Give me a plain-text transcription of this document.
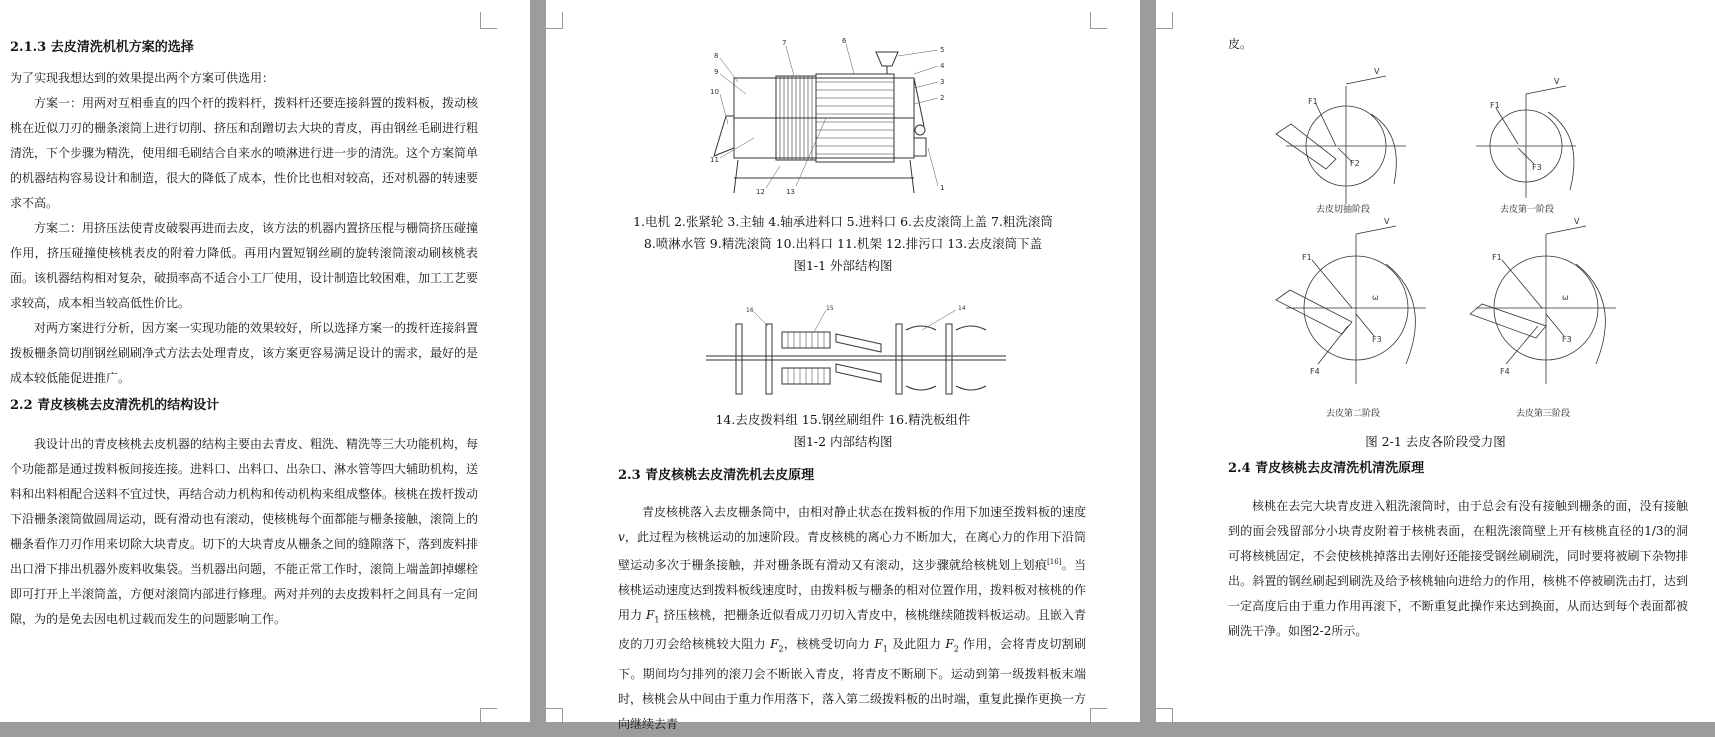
2.1.3 去皮清洗机机方案的选择

为了实现我想达到的效果提出两个方案可供选用：

方案一：用两对互相垂直的四个杆的拨料杆，拨料杆还要连接斜置的拨料板，拨动核桃在近似刀刃的栅条滚筒上进行切削、挤压和刮蹭切去大块的青皮，再由钢丝毛刷进行粗清洗，下个步骤为精洗，使用细毛刷结合自来水的喷淋进行进一步的清洗。这个方案简单的机器结构容易设计和制造，很大的降低了成本，性价比也相对较高，还对机器的转速要求不高。

方案二：用挤压法使青皮破裂再进而去皮，该方法的机器内置挤压棍与栅筒挤压碰撞作用，挤压碰撞使核桃表皮的附着力降低。再用内置短钢丝刷的旋转滚筒滚动刷核桃表面。该机器结构相对复杂，破损率高不适合小工厂使用，设计制造比较困难，加工工艺要求较高，成本相当较高低性价比。

对两方案进行分析，因方案一实现功能的效果较好，所以选择方案一的拨杆连接斜置拨板栅条筒切削钢丝刷刷净式方法去处理青皮，该方案更容易满足设计的需求，最好的是成本较低能促进推广。

2.2 青皮核桃去皮清洗机的结构设计

我设计出的青皮核桃去皮机器的结构主要由去青皮、粗洗、精洗等三大功能机构，每个功能都是通过拨料板间接连接。进料口、出料口、出杂口、淋水管等四大辅助机构，送料和出料相配合送料不宜过快，再结合动力机构和传动机构来组成整体。核桃在拨杆拨动下沿栅条滚筒做圆周运动，既有滑动也有滚动，使核桃每个面都能与栅条接触，滚筒上的栅条看作刀刃作用来切除大块青皮。切下的大块青皮从栅条之间的缝隙落下，落到废料排出口滑下排出机器外废料收集袋。当机器出问题，不能正常工作时，滚筒上端盖卸掉螺栓即可打开上半滚筒盖，方便对滚筒内部进行修理。两对并列的去皮拨料杆之间具有一定间隙，为的是免去因电机过载而发生的问题影响工作。

7	6
5
4
3
2
1
8
9
10
11
12	13
1.电机 2.张紧轮 3.主轴 4.轴承进料口 5.进料口 6.去皮滚筒上盖 7.粗洗滚筒
8.喷淋水管 9.精洗滚筒 10.出料口 11.机架 12.排污口 13.去皮滚筒下盖
图1-1 外部结构图
16	15	14
14.去皮拨料组 15.钢丝刷组件 16.精洗板组件
图1-2 内部结构图
2.3 青皮核桃去皮清洗机去皮原理

青皮核桃落入去皮栅条筒中，由相对静止状态在拨料板的作用下加速至拨料板的速度 v，此过程为核桃运动的加速阶段。青皮核桃的离心力不断加大，在离心力的作用下沿筒壁运动多次于栅条接触，并对栅条既有滑动又有滚动，这步骤就给核桃划上划痕[16]。当核桃运动速度达到拨料板线速度时，由拨料板与栅条的相对位置作用，拨料板对核桃的作用力 $F_1$ 挤压核桃，把栅条近似看成刀刃切入青皮中，核桃继续随拨料板运动。且嵌入青皮的刀刃会给核桃较大阻力 $F_2$，核桃受切向力 $F_1$ 及此阻力 $F_2$ 作用，会将青皮切割刷下。期间均匀排列的滚刀会不断嵌入青皮，将青皮不断刷下。运动到第一级拨料板末端时，核桃会从中间由于重力作用落下，落入第二级拨料板的出时端，重复此操作更换一方向继续去青

皮。

V
F1
F2
V
F1
F3
V
F1
F3
F4
ω
V
F1
F3
F4
ω
去皮切抽阶段	去皮第一阶段
去皮第二阶段	去皮第三阶段
图 2-1 去皮各阶段受力图
2.4 青皮核桃去皮清洗机清洗原理

核桃在去完大块青皮进入粗洗滚筒时，由于总会有没有接触到栅条的面，没有接触到的面会残留部分小块青皮附着于核桃表面，在粗洗滚筒壁上开有核桃直径的1/3的洞可将核桃固定，不会使核桃掉落出去刚好还能接受钢丝刷刷洗，同时要将被刷下杂物排出。斜置的钢丝刷起到刷洗及给予核桃轴向进给力的作用，核桃不停被刷洗击打，达到一定高度后由于重力作用再滚下，不断重复此操作来达到换面，从而达到每个表面都被刷洗干净。如图2-2所示。
